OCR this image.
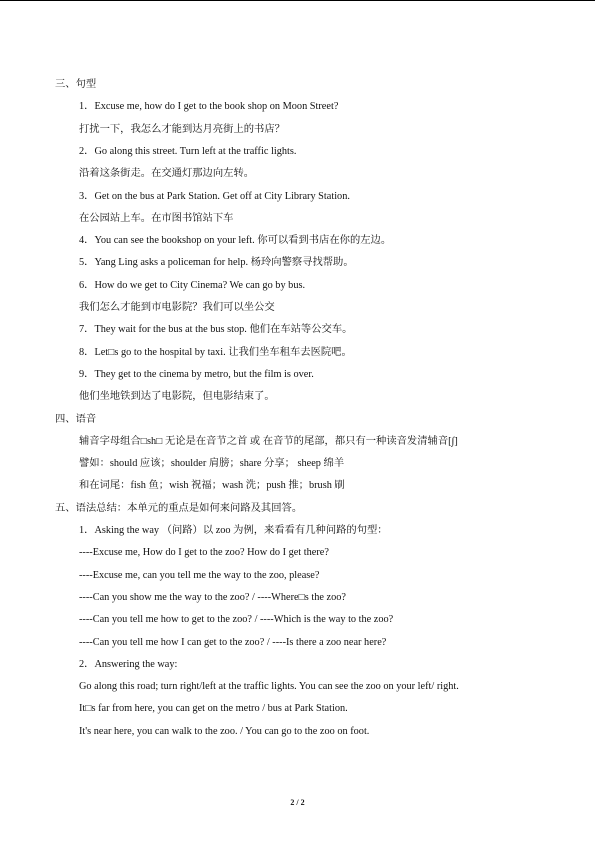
三、句型
1．Excuse me, how do I get to the book shop on Moon Street?
打扰一下，我怎么才能到达月亮街上的书店？
2．Go along this street. Turn left at the traffic lights.
沿着这条街走。在交通灯那边向左转。
3．Get on the bus at Park Station. Get off at City Library Station.
在公园站上车。在市图书馆站下车
4．You can see the bookshop on your left. 你可以看到书店在你的左边。
5．Yang Ling asks a policeman for help. 杨玲向警察寻找帮助。
6．How do we get to City Cinema? We can go by bus.
我们怎么才能到市电影院？我们可以坐公交
7．They wait for the bus at the bus stop. 他们在车站等公交车。
8．Let□s go to the hospital by taxi. 让我们坐车租车去医院吧。
9．They get to the cinema by metro, but the film is over.
他们坐地铁到达了电影院，但电影结束了。
四、语音
辅音字母组合□sh□ 无论是在音节之首 或 在音节的尾部，都只有一种读音发清辅音[∫]
譬如：should 应该；shoulder 肩膀；share 分享； sheep 绵羊
和在词尾：fish 鱼；wish 祝福；wash 洗；push 推；brush 刷
五、语法总结：本单元的重点是如何来问路及其回答。
1．Asking the way （问路）以 zoo 为例，来看看有几种问路的句型：
----Excuse me, How do I get to the zoo? How do I get there?
----Excuse me, can you tell me the way to the zoo, please?
----Can you show me the way to the zoo? / ----Where□s the zoo?
----Can you tell me how to get to the zoo? / ----Which is the way to the zoo?
----Can you tell me how I can get to the zoo? / ----Is there a zoo near here?
2．Answering the way:
Go along this road; turn right/left at the traffic lights. You can see the zoo on your left/ right.
It□s far from here, you can get on the metro / bus at Park Station.
It's near here, you can walk to the zoo. / You can go to the zoo on foot.
2 / 2
